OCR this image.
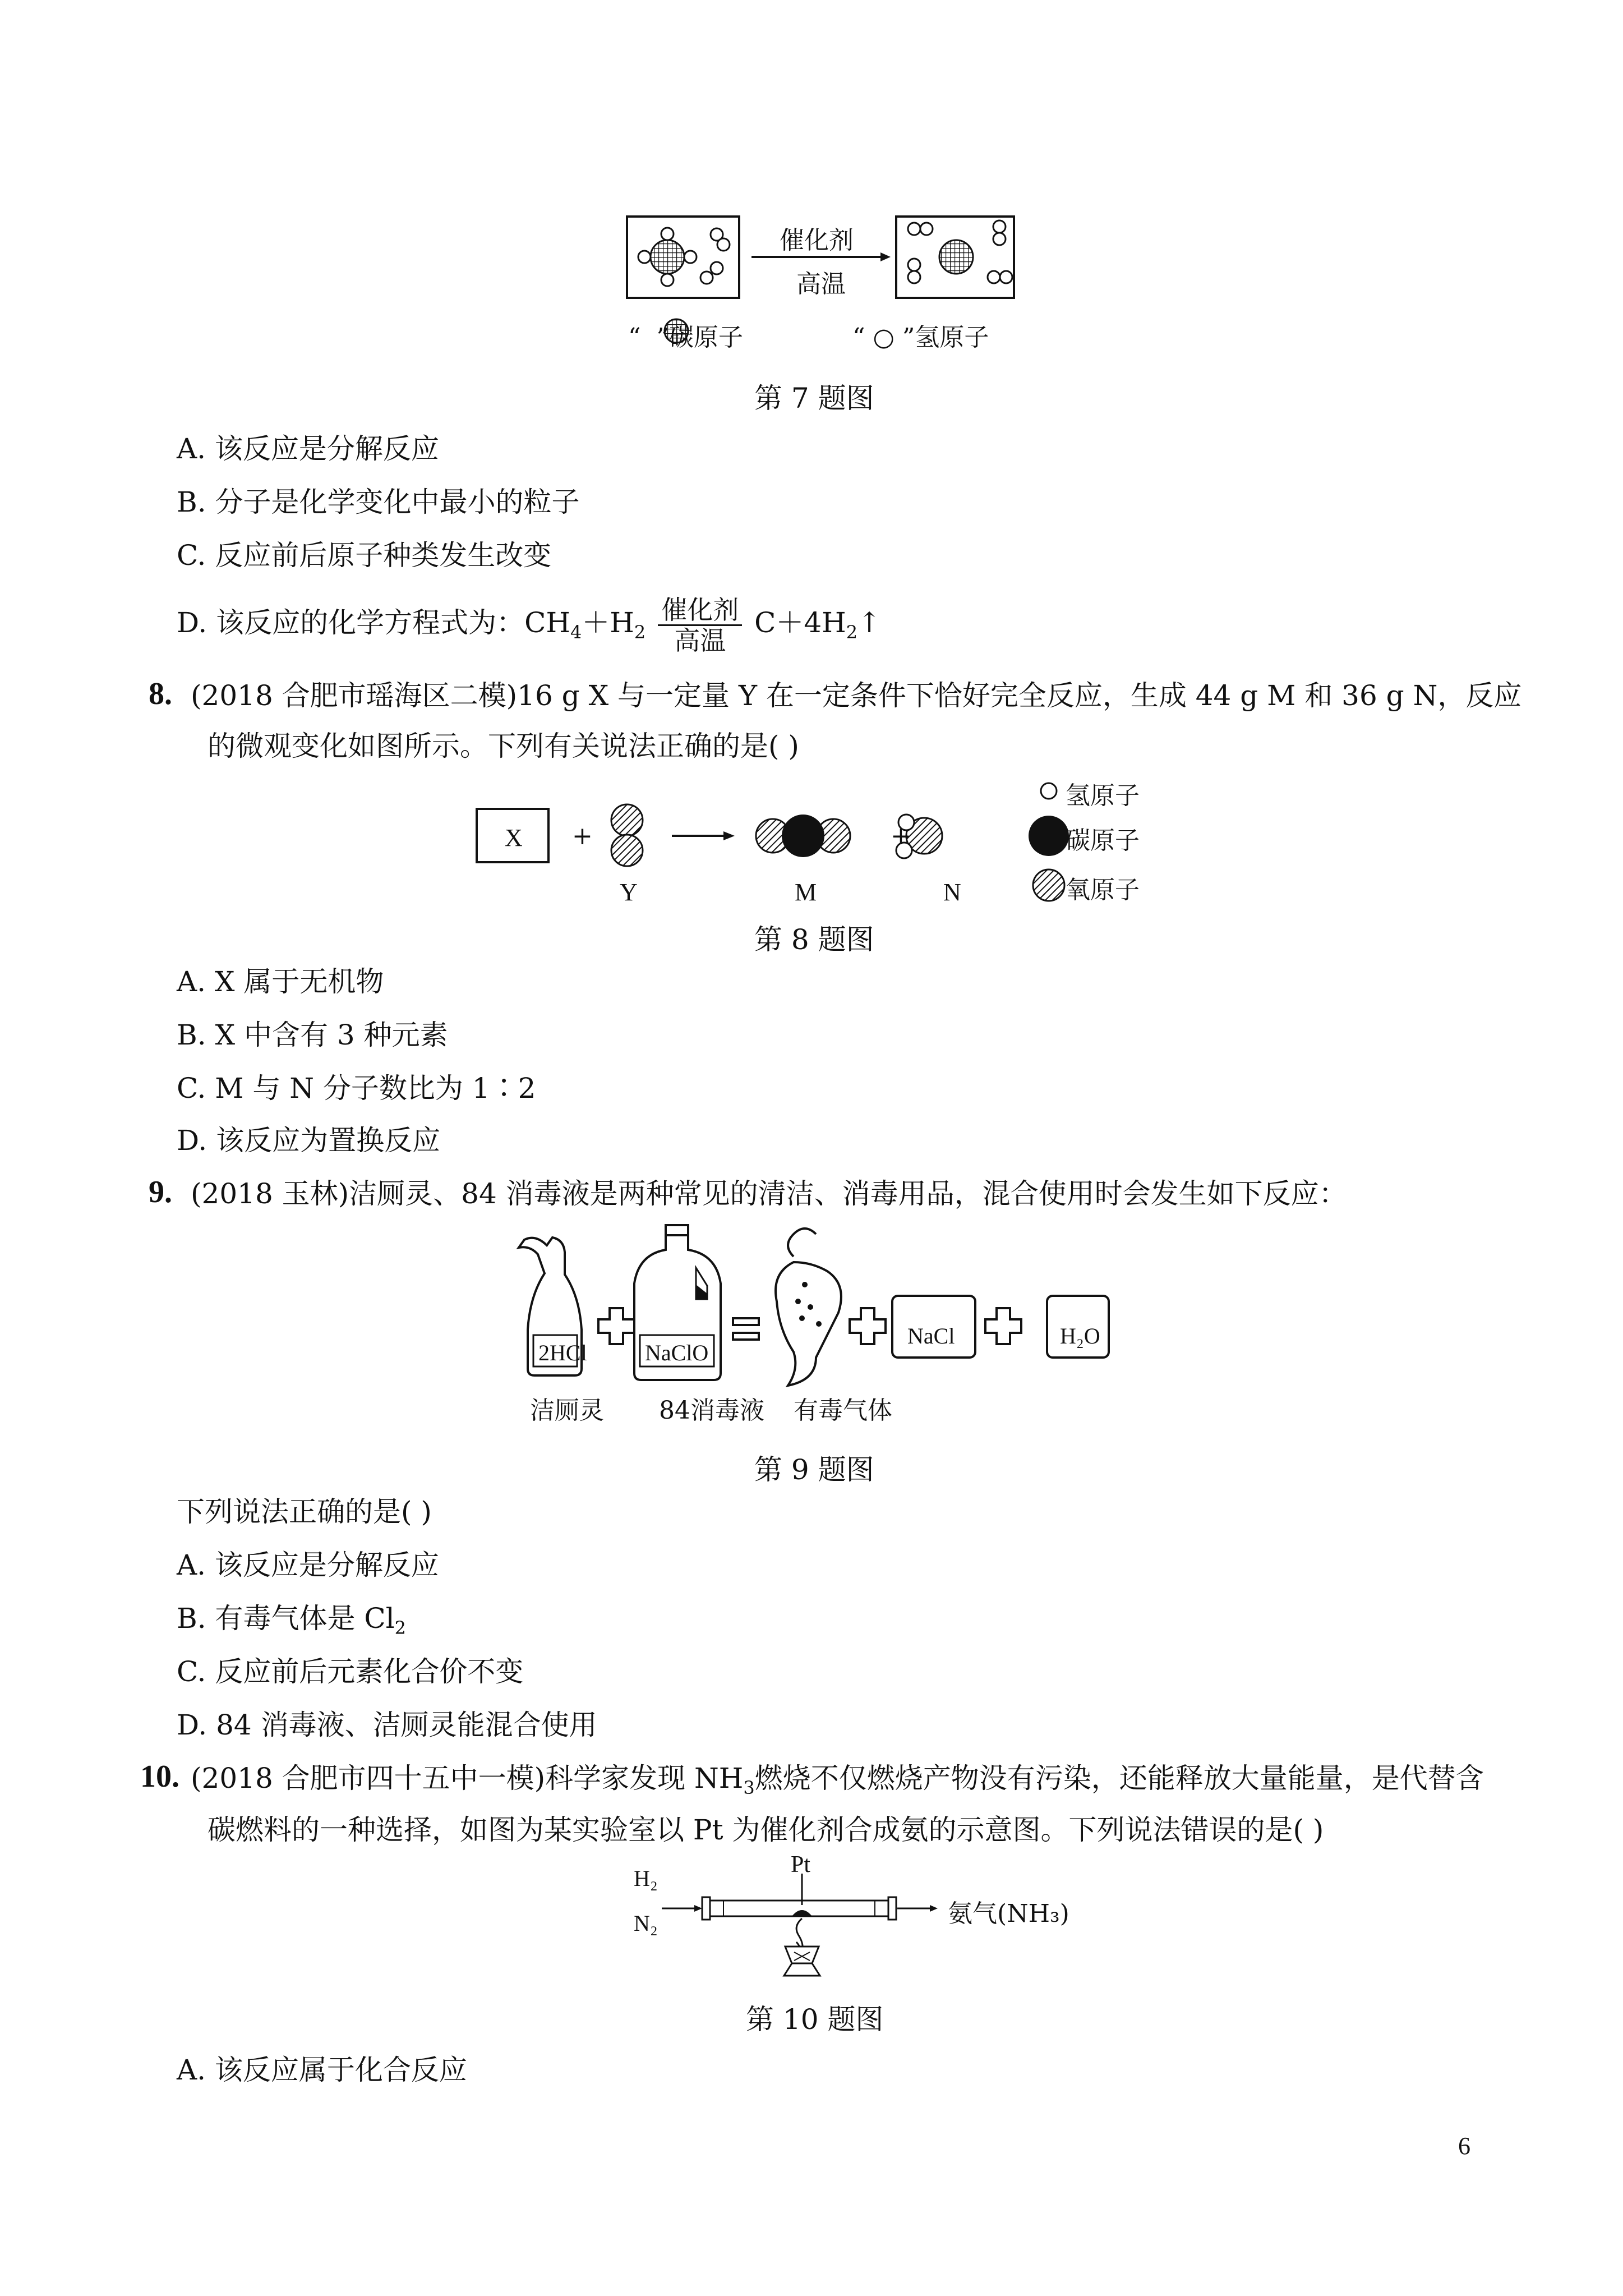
催化剂
高温
“  ”碳原子	“ ○ ”氢原子
第 7 题图
A. 该反应是分解反应
B. 分子是化学变化中最小的粒子
C. 反应前后原子种类发生改变
D. 该反应的化学方程式为：$CH_4+H_2 \frac{\text{催化剂}}{\text{高温}}$ $C+4H_2↑$
8. (2018 合肥市瑶海区二模)16 g X 与一定量 Y 在一定条件下恰好完全反应，生成 44 g M 和 36 g N，反应
的微观变化如图所示。下列有关说法正确的是( )
X +	+
Y	M	N
氢原子
碳原子
氧原子
第 8 题图
A. X 属于无机物
B. X 中含有 3 种元素
C. M 与 N 分子数比为 1∶2
D. 该反应为置换反应
9. (2018 玉林)洁厕灵、84 消毒液是两种常见的清洁、消毒用品，混合使用时会发生如下反应：
2HCl	NaClO
NaCl	H₂O
洁厕灵 84消毒液 有毒气体
第 9 题图
下列说法正确的是( )
A. 该反应是分解反应
B. 有毒气体是 $Cl_2$
C. 反应前后元素化合价不变
D. 84 消毒液、洁厕灵能混合使用
10. (2018 合肥市四十五中一模)科学家发现 $NH_3$燃烧不仅燃烧产物没有污染，还能释放大量能量，是代替含
碳燃料的一种选择，如图为某实验室以 Pt 为催化剂合成氨的示意图。下列说法错误的是( )
H₂
N₂
Pt
氨气(NH₃)
第 10 题图
A. 该反应属于化合反应
6
